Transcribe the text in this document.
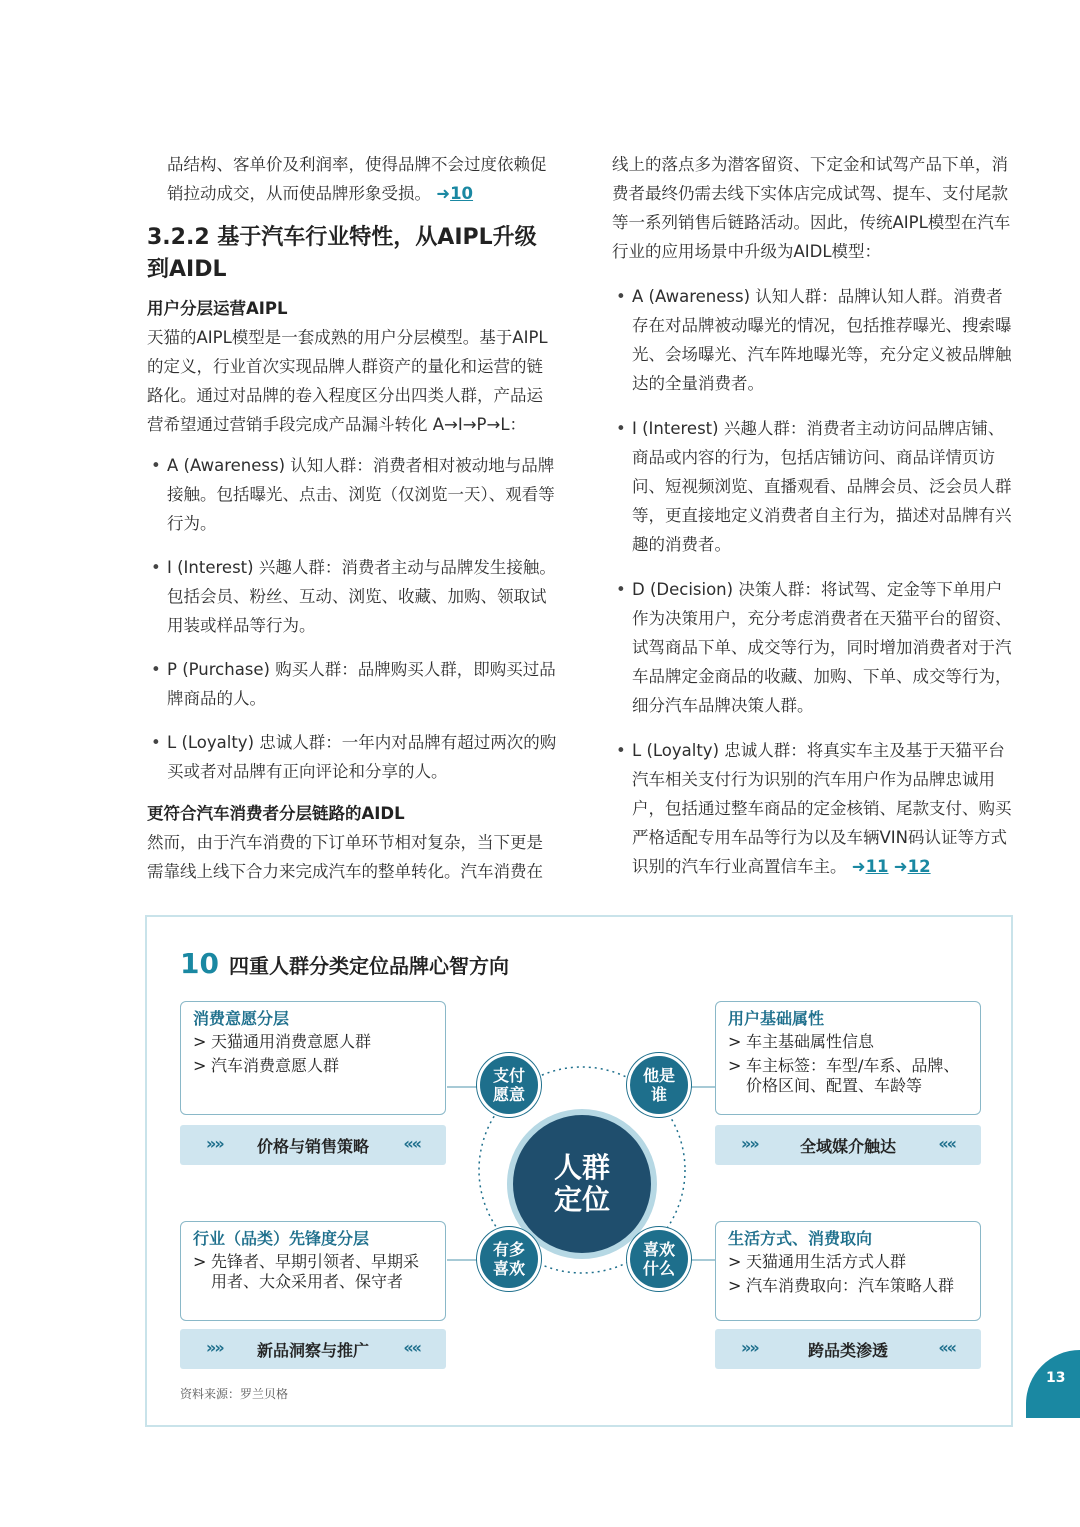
品结构、客单价及利润率，使得品牌不会过度依赖促销拉动成交，从而使品牌形象受损。 ➜10

3.2.2 基于汽车行业特性，从AIPL升级到AIDL
用户分层运营AIPL

天猫的AIPL模型是一套成熟的用户分层模型。基于AIPL的定义，行业首次实现品牌人群资产的量化和运营的链路化。通过对品牌的卷入程度区分出四类人群，产品运营希望通过营销手段完成产品漏斗转化 A→I→P→L：

• A (Awareness) 认知人群：消费者相对被动地与品牌接触。包括曝光、点击、浏览（仅浏览一天）、观看等行为。
• I (Interest) 兴趣人群：消费者主动与品牌发生接触。包括会员、粉丝、互动、浏览、收藏、加购、领取试用装或样品等行为。
• P (Purchase) 购买人群：品牌购买人群，即购买过品牌商品的人。
• L (Loyalty) 忠诚人群：一年内对品牌有超过两次的购买或者对品牌有正向评论和分享的人。
更符合汽车消费者分层链路的AIDL

然而，由于汽车消费的下订单环节相对复杂，当下更是需靠线上线下合力来完成汽车的整单转化。汽车消费在

线上的落点多为潜客留资、下定金和试驾产品下单，消费者最终仍需去线下实体店完成试驾、提车、支付尾款等一系列销售后链路活动。因此，传统AIPL模型在汽车行业的应用场景中升级为AIDL模型：

• A (Awareness) 认知人群：品牌认知人群。消费者存在对品牌被动曝光的情况，包括推荐曝光、搜索曝光、会场曝光、汽车阵地曝光等，充分定义被品牌触达的全量消费者。
• I (Interest) 兴趣人群：消费者主动访问品牌店铺、商品或内容的行为，包括店铺访问、商品详情页访问、短视频浏览、直播观看、品牌会员、泛会员人群等，更直接地定义消费者自主行为，描述对品牌有兴趣的消费者。
• D (Decision) 决策人群：将试驾、定金等下单用户作为决策用户，充分考虑消费者在天猫平台的留资、试驾商品下单、成交等行为，同时增加消费者对于汽车品牌定金商品的收藏、加购、下单、成交等行为，细分汽车品牌决策人群。
• L (Loyalty) 忠诚人群：将真实车主及基于天猫平台汽车相关支付行为识别的汽车用户作为品牌忠诚用户，包括通过整车商品的定金核销、尾款支付、购买严格适配专用车品等行为以及车辆VIN码认证等方式识别的汽车行业高置信车主。 ➜11 ➜12
10 四重人群分类定位品牌心智方向
消费意愿分层
> 天猫通用消费意愿人群
> 汽车消费意愿人群
»» 价格与销售策略 ««
用户基础属性
> 车主基础属性信息
> 车主标签：车型/车系、品牌、价格区间、配置、车龄等
»»	全域媒介触达	««
行业（品类）先锋度分层
> 先锋者、早期引领者、早期采用者、大众采用者、保守者
»» 新品洞察与推广 ««
生活方式、消费取向
> 天猫通用生活方式人群
> 汽车消费取向：汽车策略人群
»»	跨品类渗透	««
人群
定位
支付
愿意
他是
谁
有多
喜欢
喜欢
什么
资料来源：罗兰贝格
13
